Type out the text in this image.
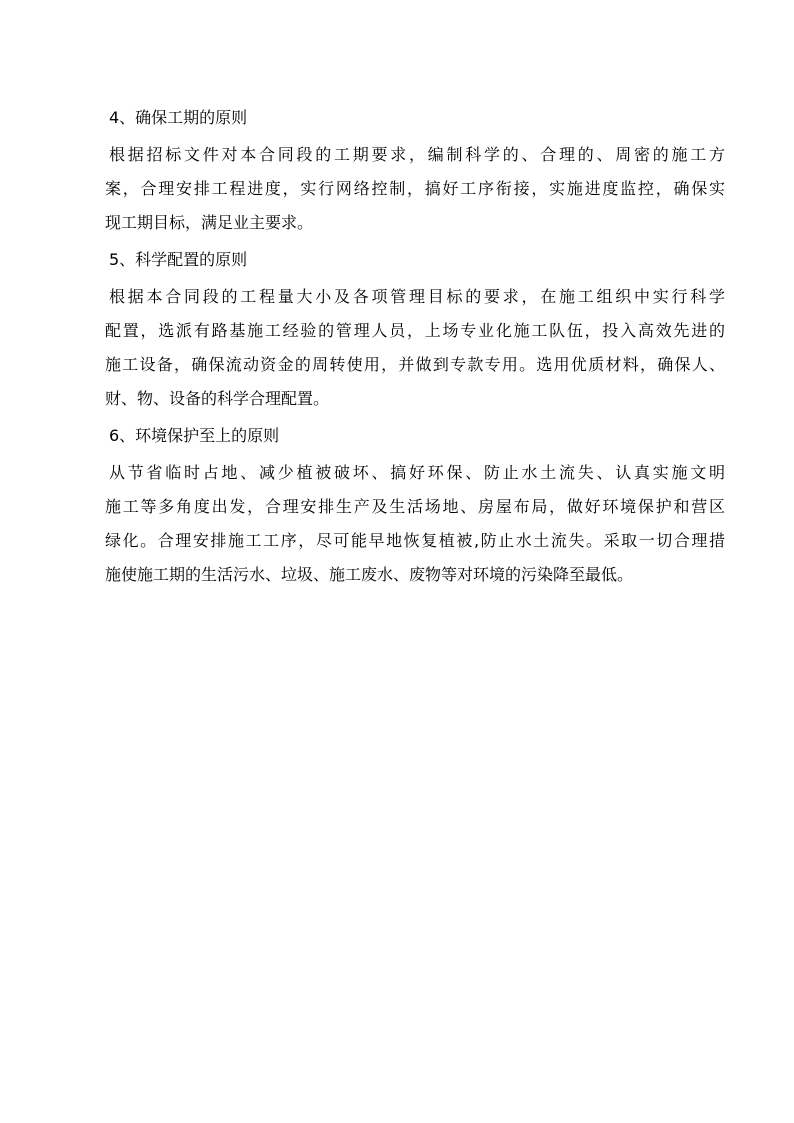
4、确保工期的原则

根据招标文件对本合同段的工期要求，编制科学的、合理的、周密的施工方
案，合理安排工程进度，实行网络控制，搞好工序衔接，实施进度监控，确保实
现工期目标，满足业主要求。

5、科学配置的原则

根据本合同段的工程量大小及各项管理目标的要求，在施工组织中实行科学
配置，选派有路基施工经验的管理人员，上场专业化施工队伍，投入高效先进的
施工设备，确保流动资金的周转使用，并做到专款专用。选用优质材料，确保人、
财、物、设备的科学合理配置。

6、环境保护至上的原则

从节省临时占地、减少植被破坏、搞好环保、防止水土流失、认真实施文明
施工等多角度出发，合理安排生产及生活场地、房屋布局，做好环境保护和营区
绿化。合理安排施工工序，尽可能早地恢复植被,防止水土流失。采取一切合理措
施使施工期的生活污水、垃圾、施工废水、废物等对环境的污染降至最低。
